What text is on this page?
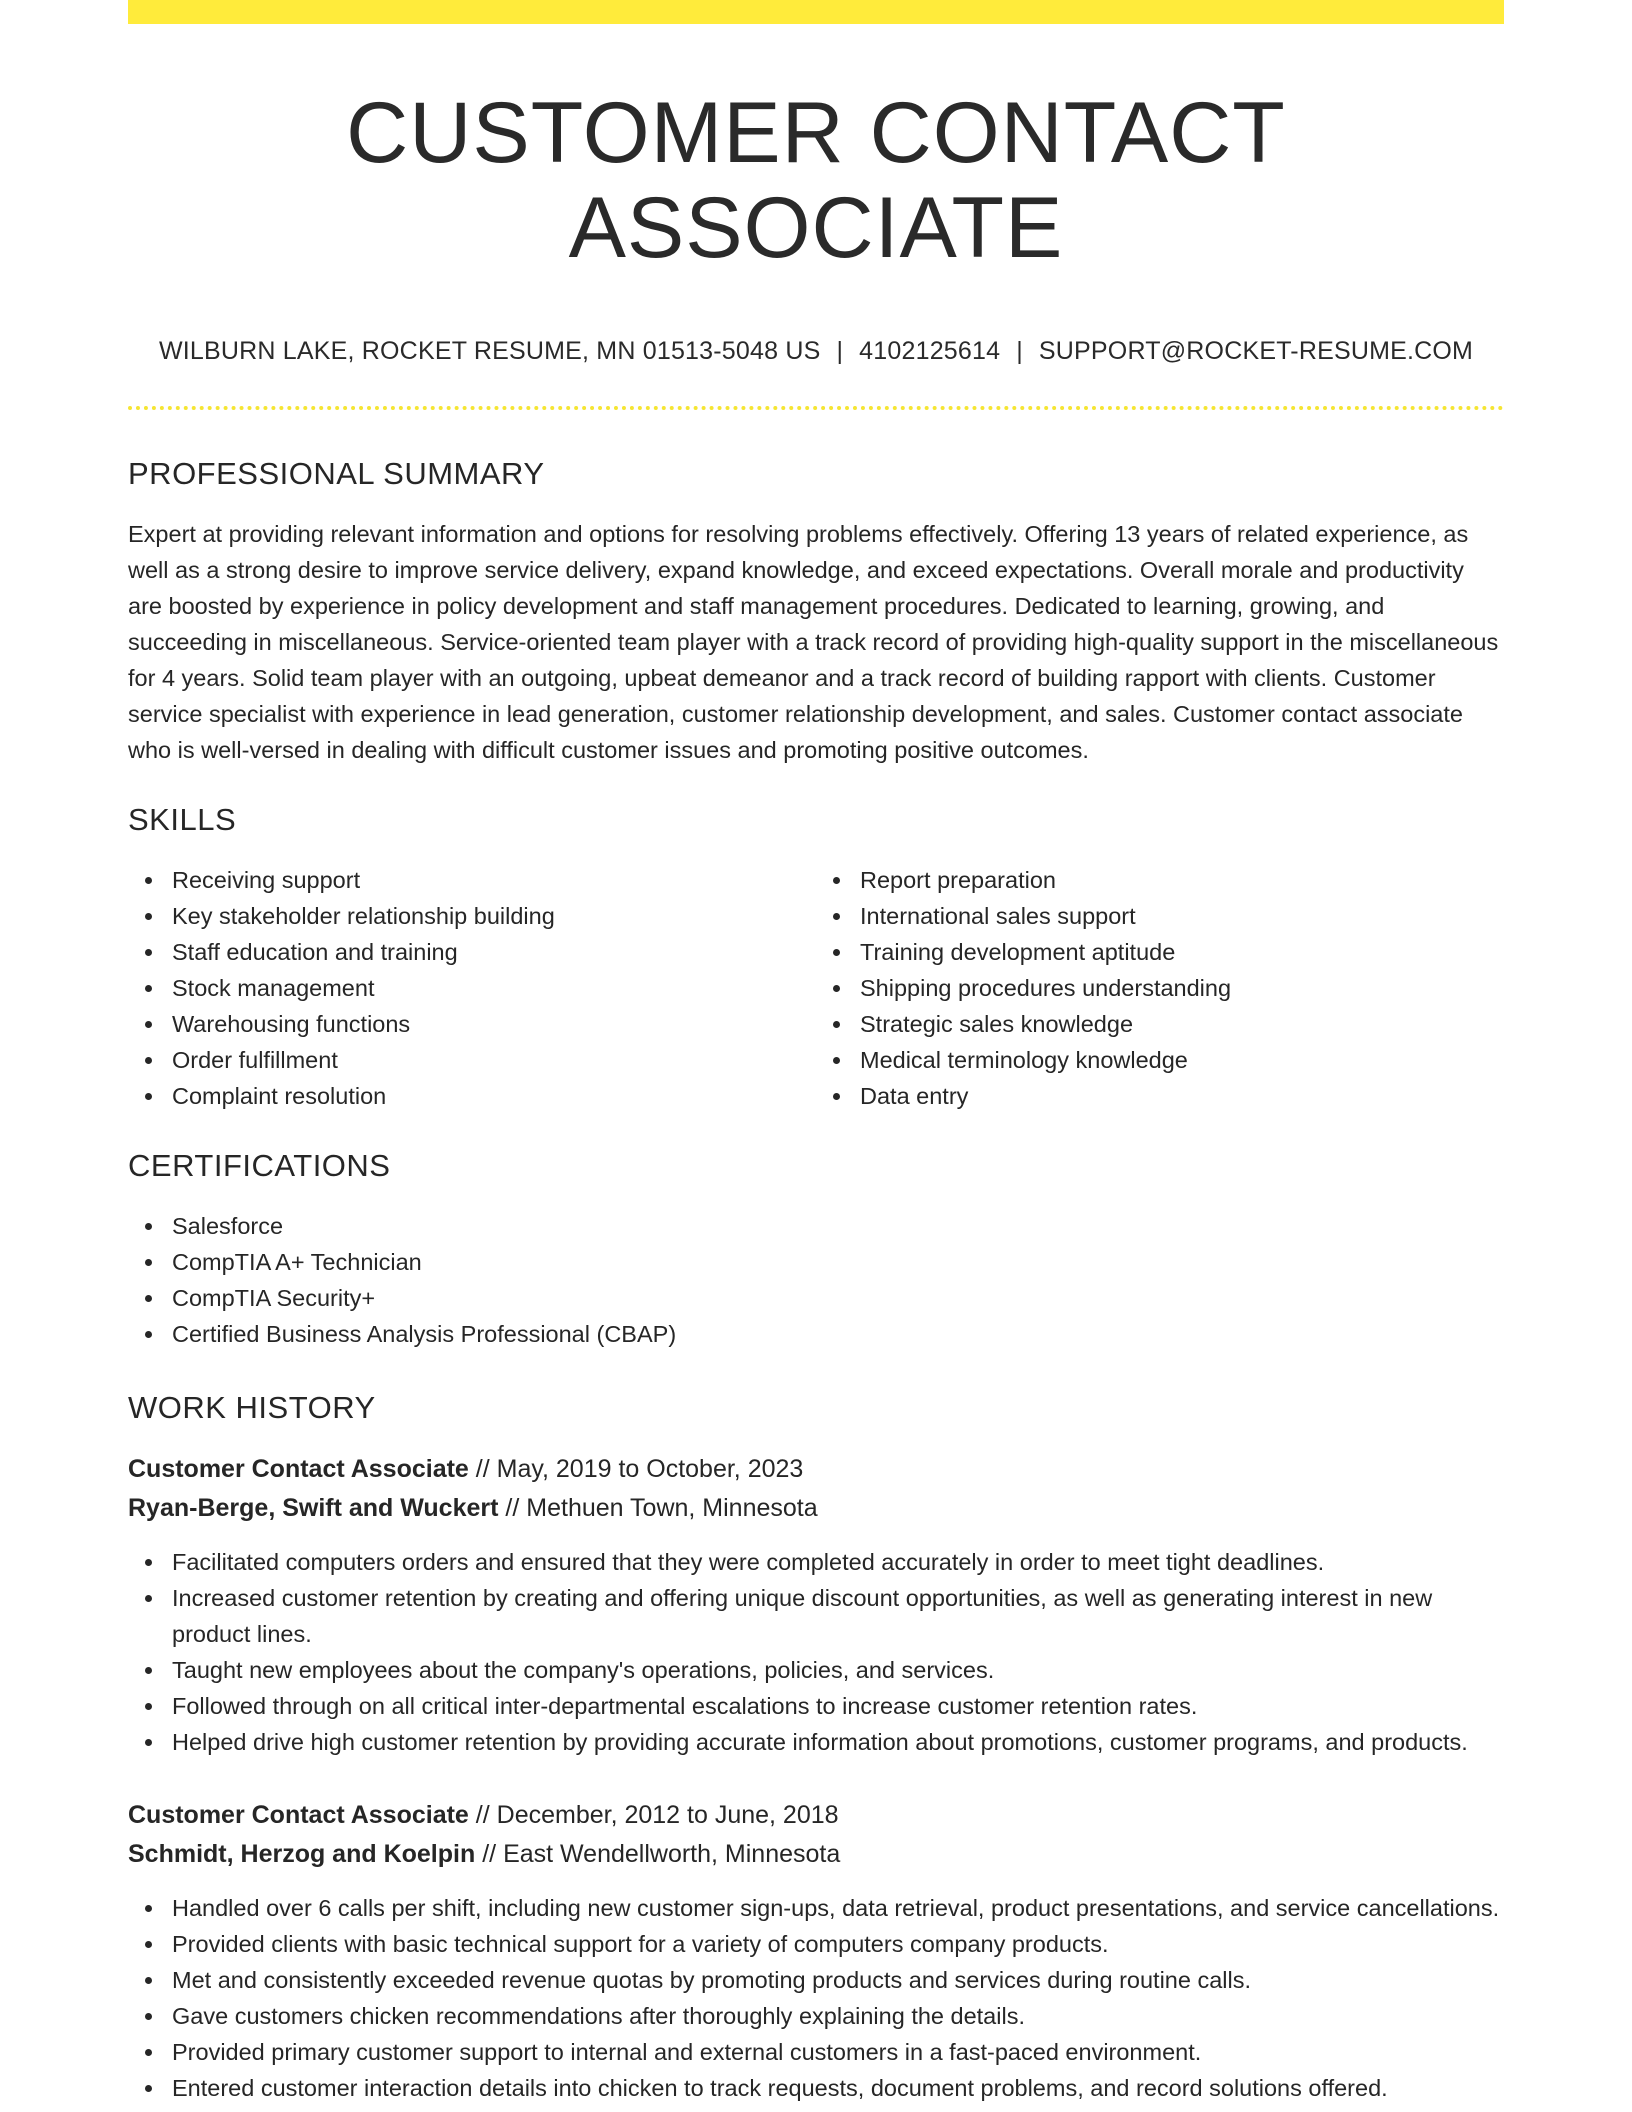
CUSTOMER CONTACT ASSOCIATE
WILBURN LAKE, ROCKET RESUME, MN 01513-5048 US | 4102125614 | SUPPORT@ROCKET-RESUME.COM
PROFESSIONAL SUMMARY

Expert at providing relevant information and options for resolving problems effectively. Offering 13 years of related experience, as well as a strong desire to improve service delivery, expand knowledge, and exceed expectations. Overall morale and productivity are boosted by experience in policy development and staff management procedures. Dedicated to learning, growing, and succeeding in miscellaneous. Service-oriented team player with a track record of providing high-quality support in the miscellaneous for 4 years. Solid team player with an outgoing, upbeat demeanor and a track record of building rapport with clients. Customer service specialist with experience in lead generation, customer relationship development, and sales. Customer contact associate who is well-versed in dealing with difficult customer issues and promoting positive outcomes.

SKILLS
Receiving support
Key stakeholder relationship building
Staff education and training
Stock management
Warehousing functions
Order fulfillment
Complaint resolution
Report preparation
International sales support
Training development aptitude
Shipping procedures understanding
Strategic sales knowledge
Medical terminology knowledge
Data entry
CERTIFICATIONS
Salesforce
CompTIA A+ Technician
CompTIA Security+
Certified Business Analysis Professional (CBAP)
WORK HISTORY
Customer Contact Associate // May, 2019 to October, 2023
Ryan-Berge, Swift and Wuckert // Methuen Town, Minnesota
Facilitated computers orders and ensured that they were completed accurately in order to meet tight deadlines.
Increased customer retention by creating and offering unique discount opportunities, as well as generating interest in new product lines.
Taught new employees about the company's operations, policies, and services.
Followed through on all critical inter-departmental escalations to increase customer retention rates.
Helped drive high customer retention by providing accurate information about promotions, customer programs, and products.
Customer Contact Associate // December, 2012 to June, 2018
Schmidt, Herzog and Koelpin // East Wendellworth, Minnesota
Handled over 6 calls per shift, including new customer sign-ups, data retrieval, product presentations, and service cancellations.
Provided clients with basic technical support for a variety of computers company products.
Met and consistently exceeded revenue quotas by promoting products and services during routine calls.
Gave customers chicken recommendations after thoroughly explaining the details.
Provided primary customer support to internal and external customers in a fast-paced environment.
Entered customer interaction details into chicken to track requests, document problems, and record solutions offered.
